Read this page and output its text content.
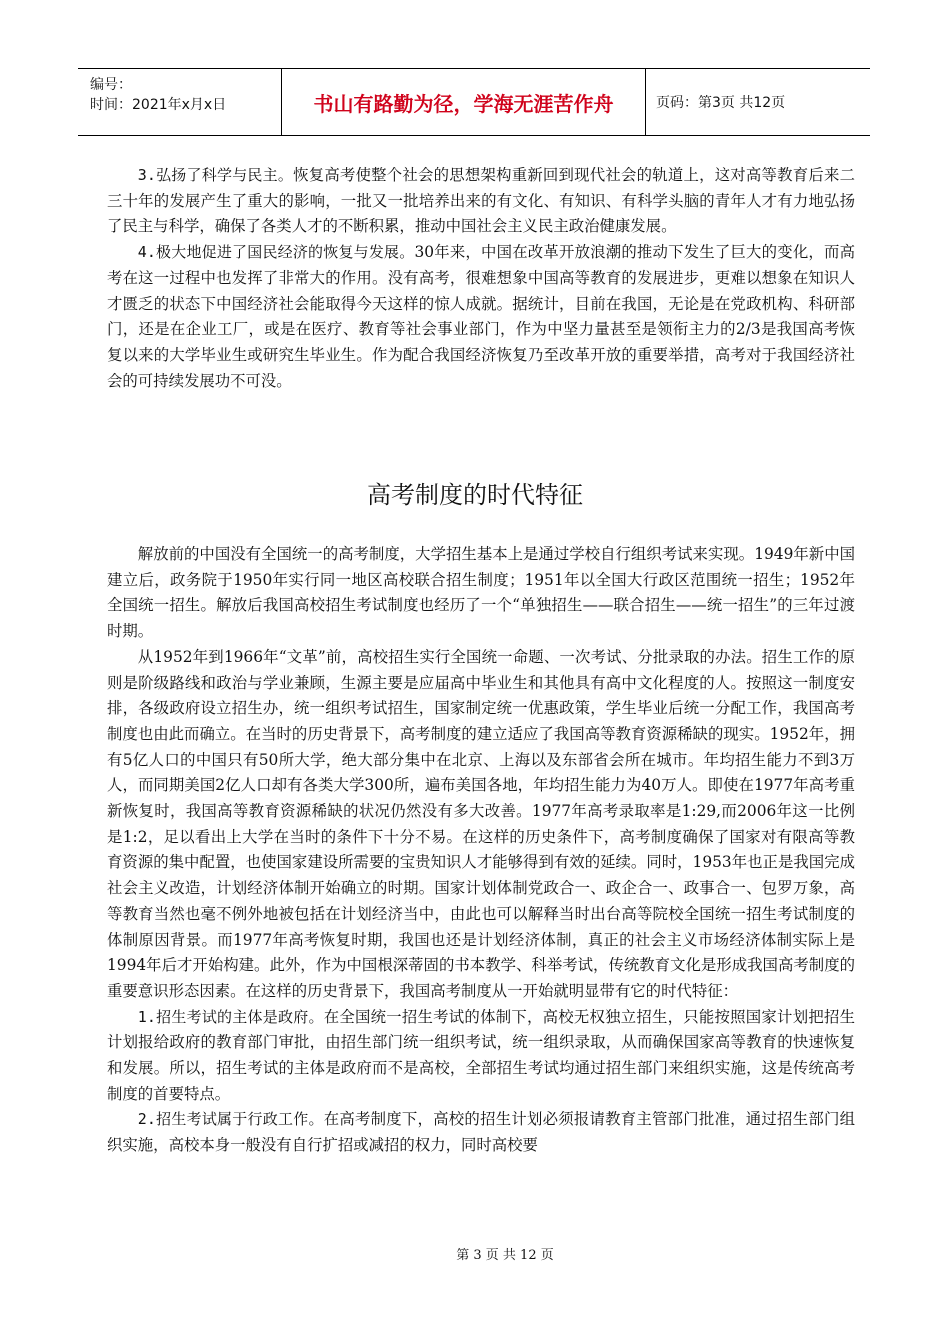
编号：
时间：2021年x月x日	书山有路勤为径，学海无涯苦作舟	页码：第3页 共12页

3.弘扬了科学与民主。恢复高考使整个社会的思想架构重新回到现代社会的轨道上，这对高等教育后来二三十年的发展产生了重大的影响，一批又一批培养出来的有文化、有知识、有科学头脑的青年人才有力地弘扬了民主与科学，确保了各类人才的不断积累，推动中国社会主义民主政治健康发展。

4.极大地促进了国民经济的恢复与发展。30年来，中国在改革开放浪潮的推动下发生了巨大的变化，而高考在这一过程中也发挥了非常大的作用。没有高考，很难想象中国高等教育的发展进步，更难以想象在知识人才匮乏的状态下中国经济社会能取得今天这样的惊人成就。据统计，目前在我国，无论是在党政机构、科研部门，还是在企业工厂，或是在医疗、教育等社会事业部门，作为中坚力量甚至是领衔主力的2/3是我国高考恢复以来的大学毕业生或研究生毕业生。作为配合我国经济恢复乃至改革开放的重要举措，高考对于我国经济社会的可持续发展功不可没。

高考制度的时代特征

解放前的中国没有全国统一的高考制度，大学招生基本上是通过学校自行组织考试来实现。1949年新中国建立后，政务院于1950年实行同一地区高校联合招生制度；1951年以全国大行政区范围统一招生；1952年全国统一招生。解放后我国高校招生考试制度也经历了一个“单独招生——联合招生——统一招生”的三年过渡时期。

从1952年到1966年“文革”前，高校招生实行全国统一命题、一次考试、分批录取的办法。招生工作的原则是阶级路线和政治与学业兼顾，生源主要是应届高中毕业生和其他具有高中文化程度的人。按照这一制度安排，各级政府设立招生办，统一组织考试招生，国家制定统一优惠政策，学生毕业后统一分配工作，我国高考制度也由此而确立。在当时的历史背景下，高考制度的建立适应了我国高等教育资源稀缺的现实。1952年，拥有5亿人口的中国只有50所大学，绝大部分集中在北京、上海以及东部省会所在城市。年均招生能力不到3万人，而同期美国2亿人口却有各类大学300所，遍布美国各地，年均招生能力为40万人。即使在1977年高考重新恢复时，我国高等教育资源稀缺的状况仍然没有多大改善。1977年高考录取率是1:29,而2006年这一比例是1:2，足以看出上大学在当时的条件下十分不易。在这样的历史条件下，高考制度确保了国家对有限高等教育资源的集中配置，也使国家建设所需要的宝贵知识人才能够得到有效的延续。同时，1953年也正是我国完成社会主义改造，计划经济体制开始确立的时期。国家计划体制党政合一、政企合一、政事合一、包罗万象，高等教育当然也毫不例外地被包括在计划经济当中，由此也可以解释当时出台高等院校全国统一招生考试制度的体制原因背景。而1977年高考恢复时期，我国也还是计划经济体制，真正的社会主义市场经济体制实际上是1994年后才开始构建。此外，作为中国根深蒂固的书本教学、科举考试，传统教育文化是形成我国高考制度的重要意识形态因素。在这样的历史背景下，我国高考制度从一开始就明显带有它的时代特征：

1.招生考试的主体是政府。在全国统一招生考试的体制下，高校无权独立招生，只能按照国家计划把招生计划报给政府的教育部门审批，由招生部门统一组织考试，统一组织录取，从而确保国家高等教育的快速恢复和发展。所以，招生考试的主体是政府而不是高校，全部招生考试均通过招生部门来组织实施，这是传统高考制度的首要特点。

2.招生考试属于行政工作。在高考制度下，高校的招生计划必须报请教育主管部门批准，通过招生部门组织实施，高校本身一般没有自行扩招或减招的权力，同时高校要

第 3 页 共 12 页
